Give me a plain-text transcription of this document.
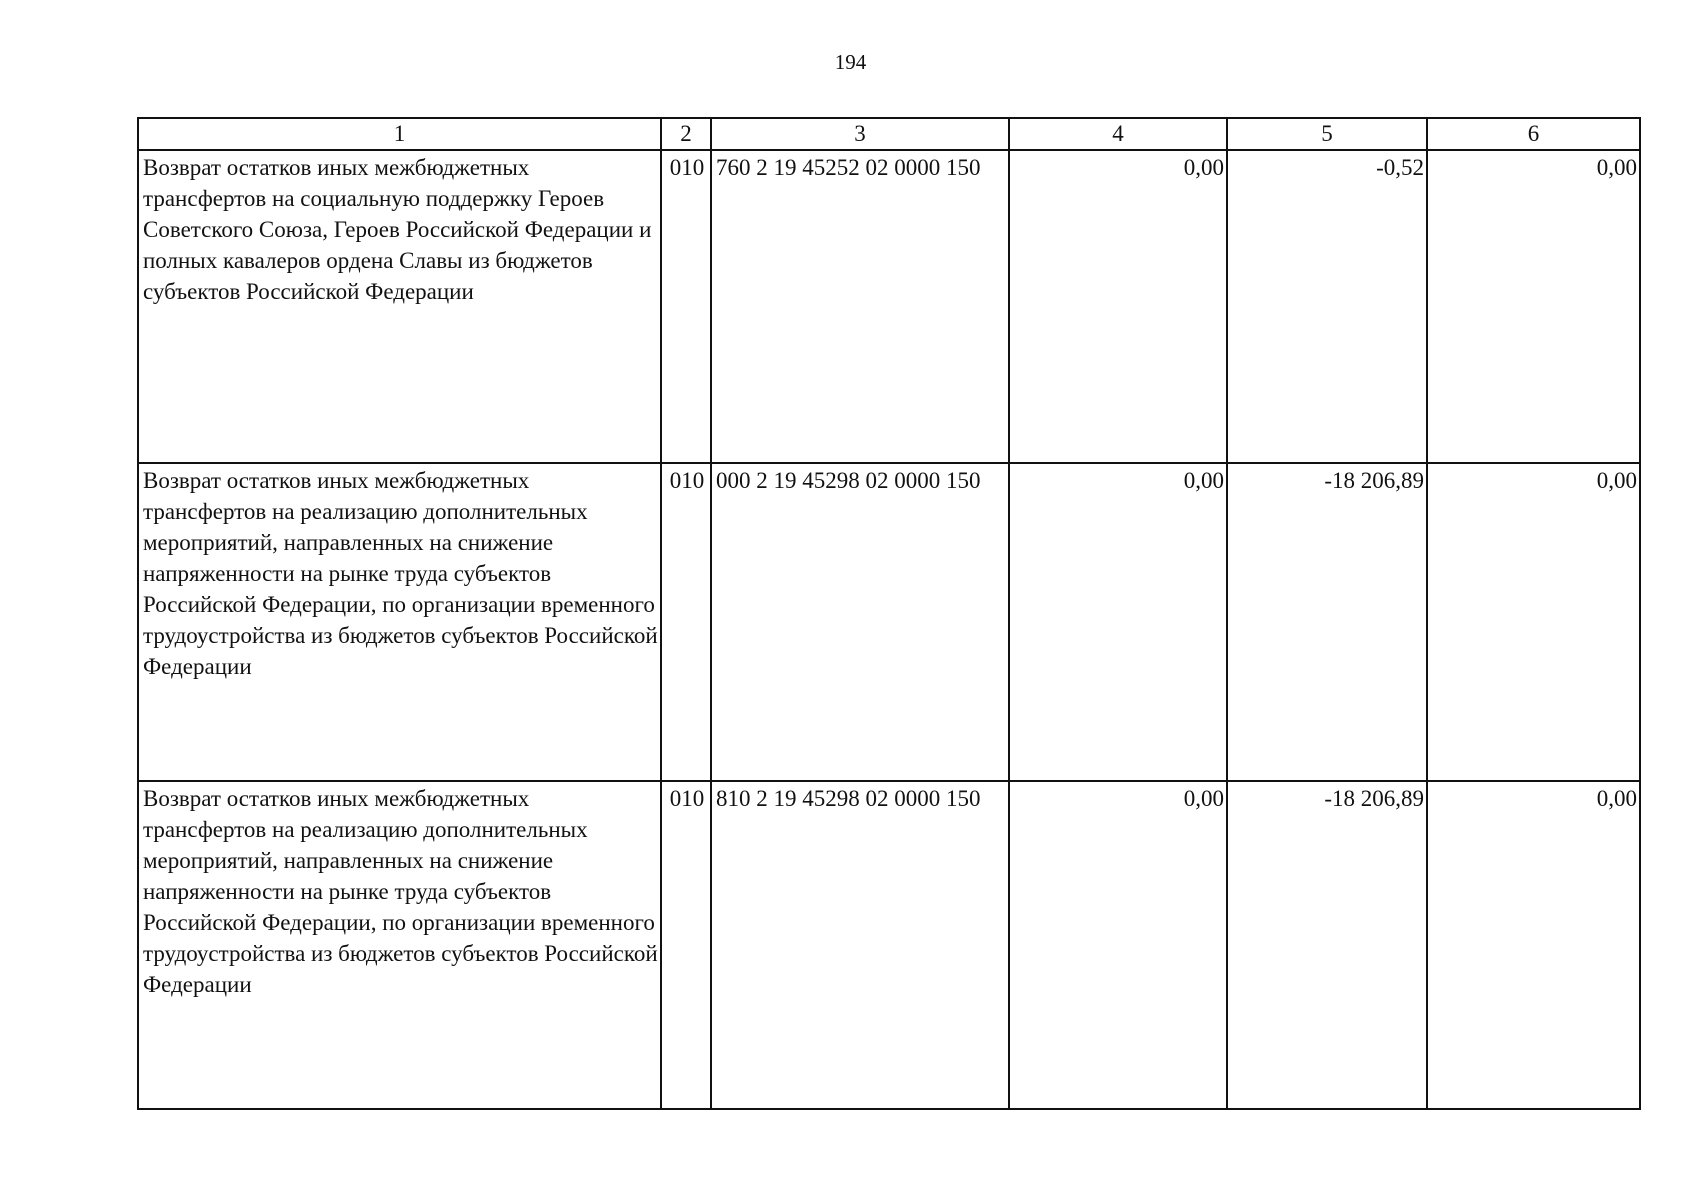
194
1	2	3	4	5	6
Возврат остатков иных межбюджетных трансфертов на социальную поддержку Героев Советского Союза, Героев Российской Федерации и полных кавалеров ордена Славы из бюджетов субъектов Российской Федерации	010	760 2 19 45252 02 0000 150	0,00	-0,52	0,00
Возврат остатков иных межбюджетных трансфертов на реализацию дополнительных мероприятий, направленных на снижение напряженности на рынке труда субъектов Российской Федерации, по организации временного трудоустройства из бюджетов субъектов Российской Федерации	010	000 2 19 45298 02 0000 150	0,00	-18 206,89	0,00
Возврат остатков иных межбюджетных трансфертов на реализацию дополнительных мероприятий, направленных на снижение напряженности на рынке труда субъектов Российской Федерации, по организации временного трудоустройства из бюджетов субъектов Российской Федерации	010	810 2 19 45298 02 0000 150	0,00	-18 206,89	0,00
